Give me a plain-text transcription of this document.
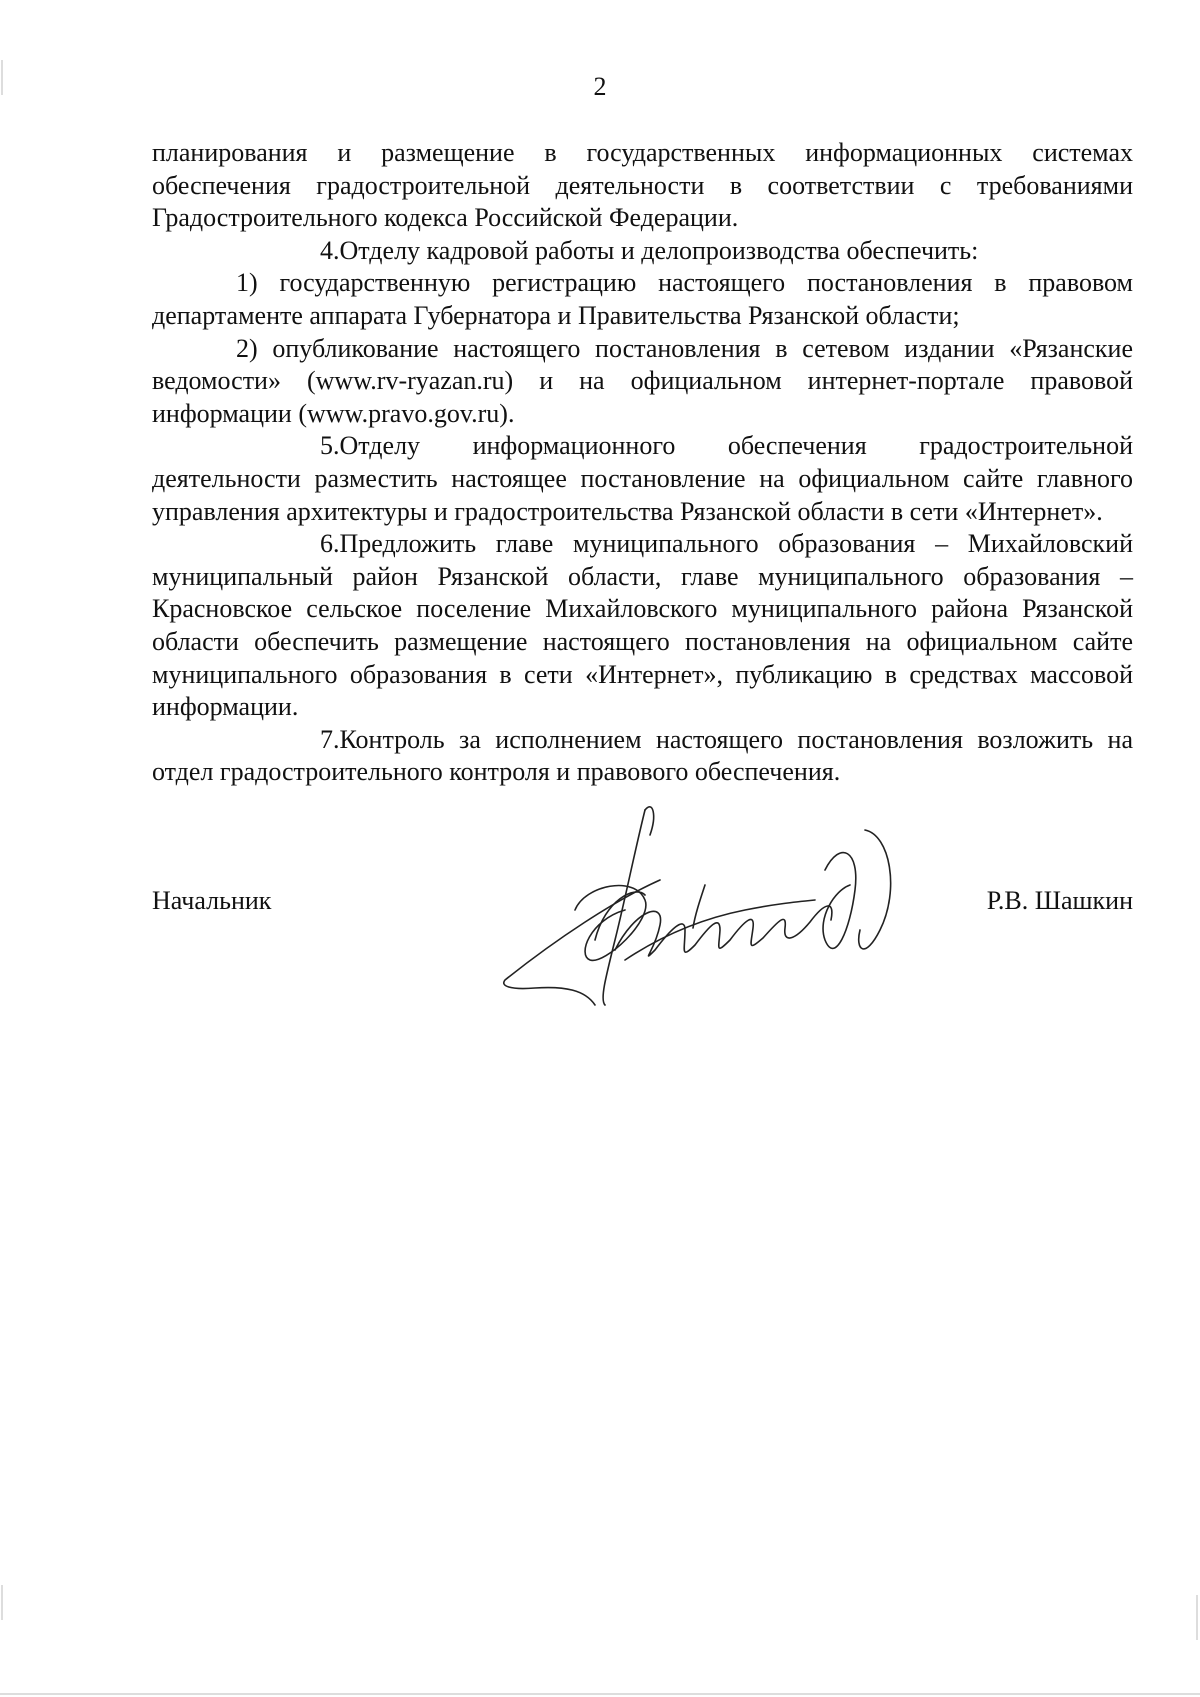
2

планирования и размещение в государственных информационных системах обеспечения градостроительной деятельности в соответствии с требованиями Градостроительного кодекса Российской Федерации.

4.Отделу кадровой работы и делопроизводства обеспечить:

1) государственную регистрацию настоящего постановления в правовом департаменте аппарата Губернатора и Правительства Рязанской области;

2) опубликование настоящего постановления в сетевом издании «Рязанские ведомости» (www.rv-ryazan.ru) и на официальном интернет-портале правовой информации (www.pravo.gov.ru).

5.Отделу информационного обеспечения градостроительной деятельности разместить настоящее постановление на официальном сайте главного управления архитектуры и градостроительства Рязанской области в сети «Интернет».

6.Предложить главе муниципального образования – Михайловский муниципальный район Рязанской области, главе муниципального образования – Красновское сельское поселение Михайловского муниципального района Рязанской области обеспечить размещение настоящего постановления на официальном сайте муниципального образования в сети «Интернет», публикацию в средствах массовой информации.

7.Контроль за исполнением настоящего постановления возложить на отдел градостроительного контроля и правового обеспечения.

Начальник	Р.В. Шашкин
